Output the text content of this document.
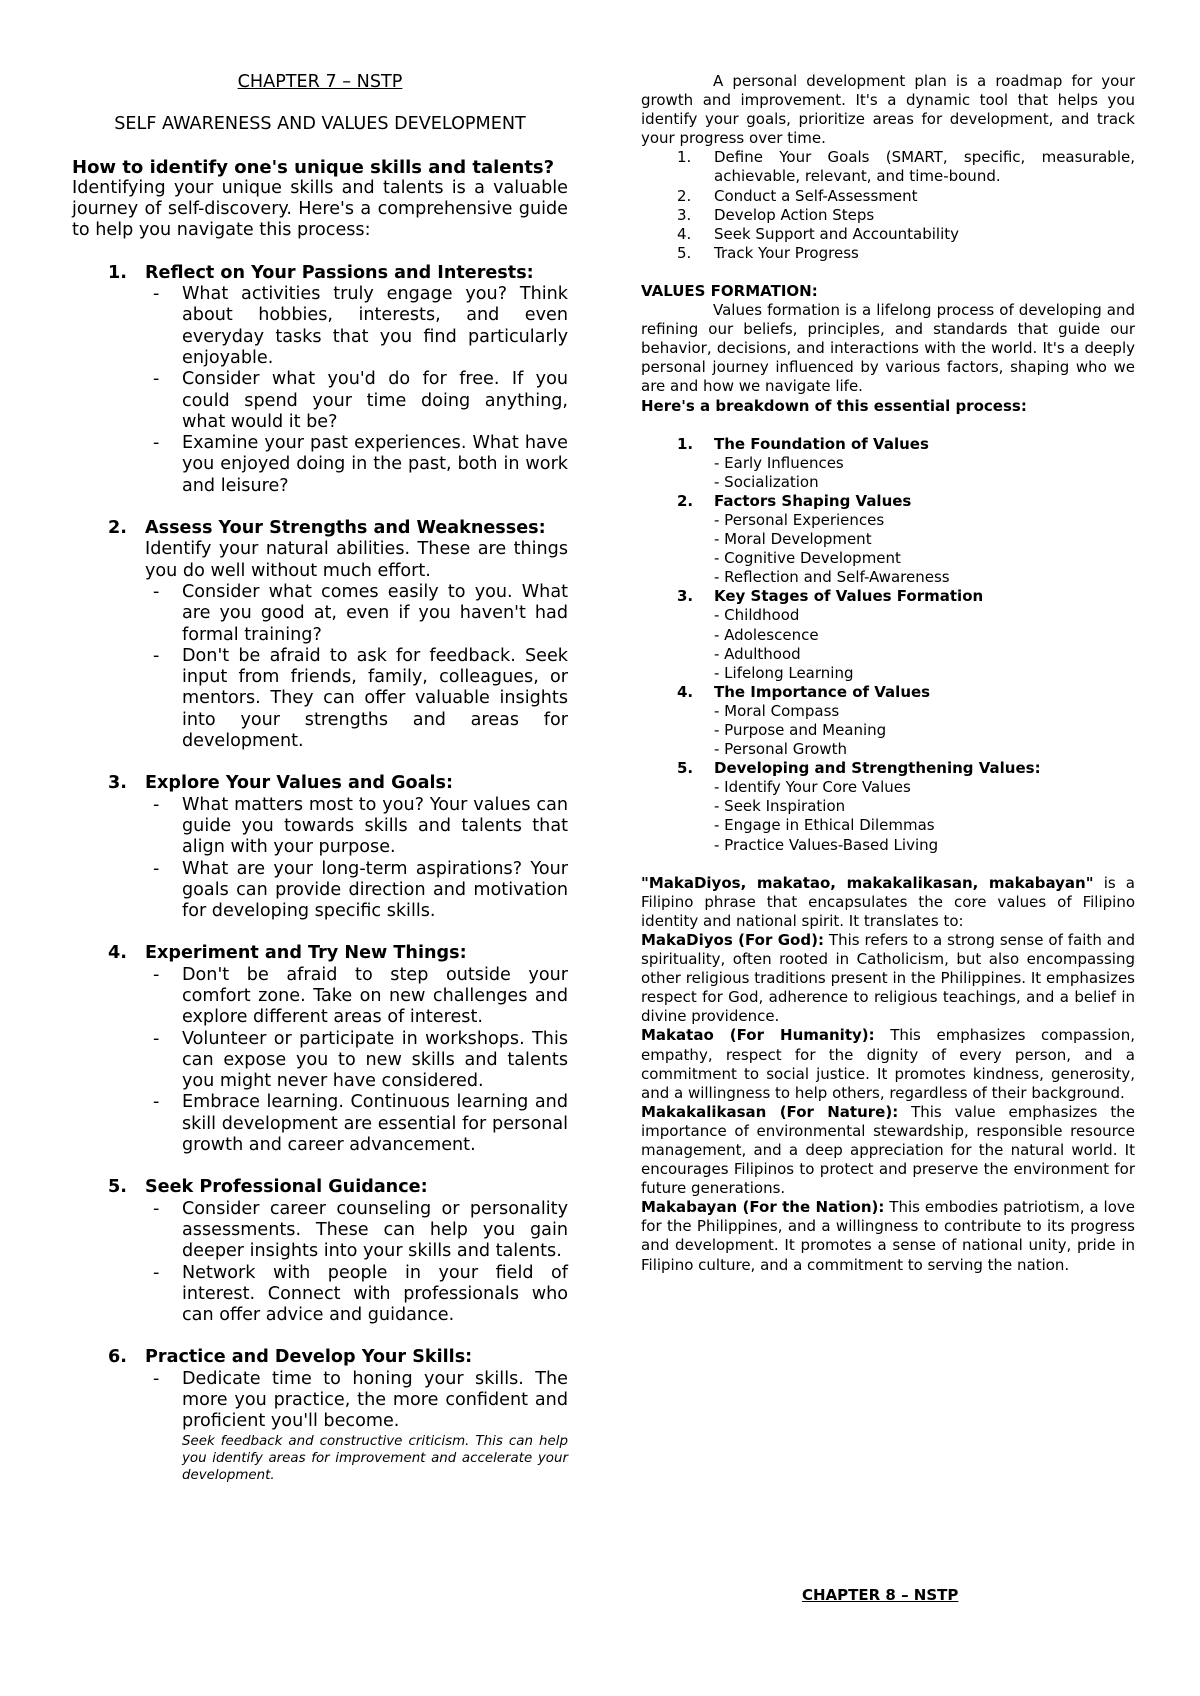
CHAPTER 7 – NSTP

SELF AWARENESS AND VALUES DEVELOPMENT

How to identify one's unique skills and talents?
Identifying your unique skills and talents is a valuable journey of self-discovery. Here's a comprehensive guide to help you navigate this process:
1. Reflect on Your Passions and Interests:
- What activities truly engage you? Think about hobbies, interests, and even everyday tasks that you find particularly enjoyable.
- Consider what you'd do for free. If you could spend your time doing anything, what would it be?
- Examine your past experiences. What have you enjoyed doing in the past, both in work and leisure?
2. Assess Your Strengths and Weaknesses:
Identify your natural abilities. These are things you do well without much effort.
- Consider what comes easily to you. What are you good at, even if you haven't had formal training?
- Don't be afraid to ask for feedback. Seek input from friends, family, colleagues, or mentors. They can offer valuable insights into your strengths and areas for development.
3. Explore Your Values and Goals:
- What matters most to you? Your values can guide you towards skills and talents that align with your purpose.
- What are your long-term aspirations? Your goals can provide direction and motivation for developing specific skills.
4. Experiment and Try New Things:
- Don't be afraid to step outside your comfort zone. Take on new challenges and explore different areas of interest.
- Volunteer or participate in workshops. This can expose you to new skills and talents you might never have considered.
- Embrace learning. Continuous learning and skill development are essential for personal growth and career advancement.
5. Seek Professional Guidance:
- Consider career counseling or personality assessments. These can help you gain deeper insights into your skills and talents.
- Network with people in your field of interest. Connect with professionals who can offer advice and guidance.
6. Practice and Develop Your Skills:
- Dedicate time to honing your skills. The more you practice, the more confident and proficient you'll become.
Seek feedback and constructive criticism. This can help you identify areas for improvement and accelerate your development.

A personal development plan is a roadmap for your growth and improvement. It's a dynamic tool that helps you identify your goals, prioritize areas for development, and track your progress over time.

1. Define Your Goals (SMART, specific, measurable, achievable, relevant, and time-bound.
2. Conduct a Self-Assessment
3. Develop Action Steps
4. Seek Support and Accountability
5. Track Your Progress
VALUES FORMATION:
Values formation is a lifelong process of developing and refining our beliefs, principles, and standards that guide our behavior, decisions, and interactions with the world. It's a deeply personal journey influenced by various factors, shaping who we are and how we navigate life.
Here's a breakdown of this essential process:
1. The Foundation of Values
- Early Influences
- Socialization
2. Factors Shaping Values
- Personal Experiences
- Moral Development
- Cognitive Development
- Reflection and Self-Awareness
3. Key Stages of Values Formation
- Childhood
- Adolescence
- Adulthood
- Lifelong Learning
4. The Importance of Values
- Moral Compass
- Purpose and Meaning
- Personal Growth
5. Developing and Strengthening Values:
- Identify Your Core Values
- Seek Inspiration
- Engage in Ethical Dilemmas
- Practice Values-Based Living
"MakaDiyos, makatao, makakalikasan, makabayan" is a Filipino phrase that encapsulates the core values of Filipino identity and national spirit. It translates to:
MakaDiyos (For God): This refers to a strong sense of faith and spirituality, often rooted in Catholicism, but also encompassing other religious traditions present in the Philippines. It emphasizes respect for God, adherence to religious teachings, and a belief in divine providence.
Makatao (For Humanity): This emphasizes compassion, empathy, respect for the dignity of every person, and a commitment to social justice. It promotes kindness, generosity, and a willingness to help others, regardless of their background.
Makakalikasan (For Nature): This value emphasizes the importance of environmental stewardship, responsible resource management, and a deep appreciation for the natural world. It encourages Filipinos to protect and preserve the environment for future generations.
Makabayan (For the Nation): This embodies patriotism, a love for the Philippines, and a willingness to contribute to its progress and development. It promotes a sense of national unity, pride in Filipino culture, and a commitment to serving the nation.
CHAPTER 8 – NSTP
